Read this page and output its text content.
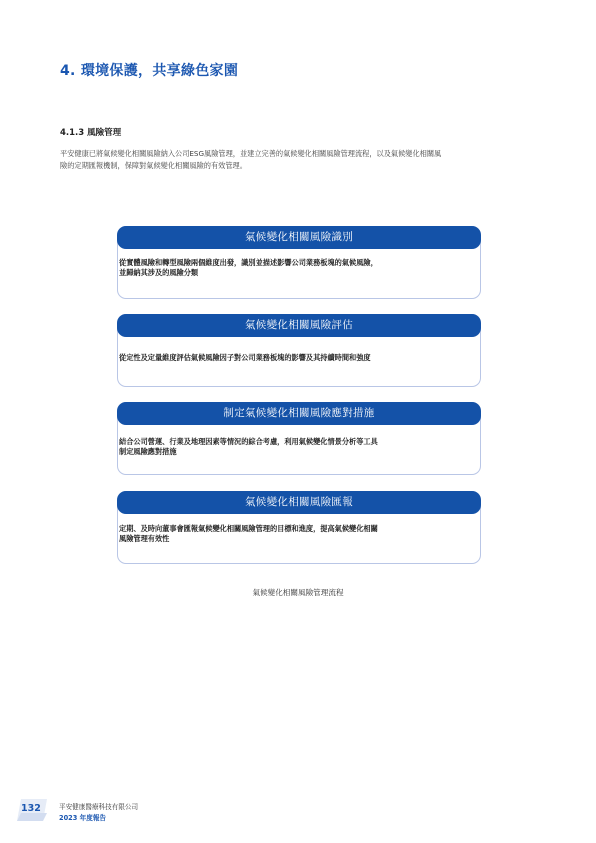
4. 環境保護，共享綠色家園
4.1.3 風險管理
平安健康已將氣候變化相關風險納入公司ESG風險管理，並建立完善的氣候變化相關風險管理流程，以及氣候變化相關風
險的定期匯報機制，保障對氣候變化相關風險的有效管理。
氣候變化相關風險識別
從實體風險和轉型風險兩個維度出發，識別並描述影響公司業務板塊的氣候風險，
並歸納其涉及的風險分類
氣候變化相關風險評估
從定性及定量維度評估氣候風險因子對公司業務板塊的影響及其持續時間和強度
制定氣候變化相關風險應對措施
結合公司營運、行業及地理因素等情況的綜合考慮，利用氣候變化情景分析等工具
制定風險應對措施
氣候變化相關風險匯報
定期、及時向董事會匯報氣候變化相關風險管理的目標和進度，提高氣候變化相關
風險管理有效性
氣候變化相關風險管理流程
132	平安健康醫療科技有限公司
2023 年度報告
